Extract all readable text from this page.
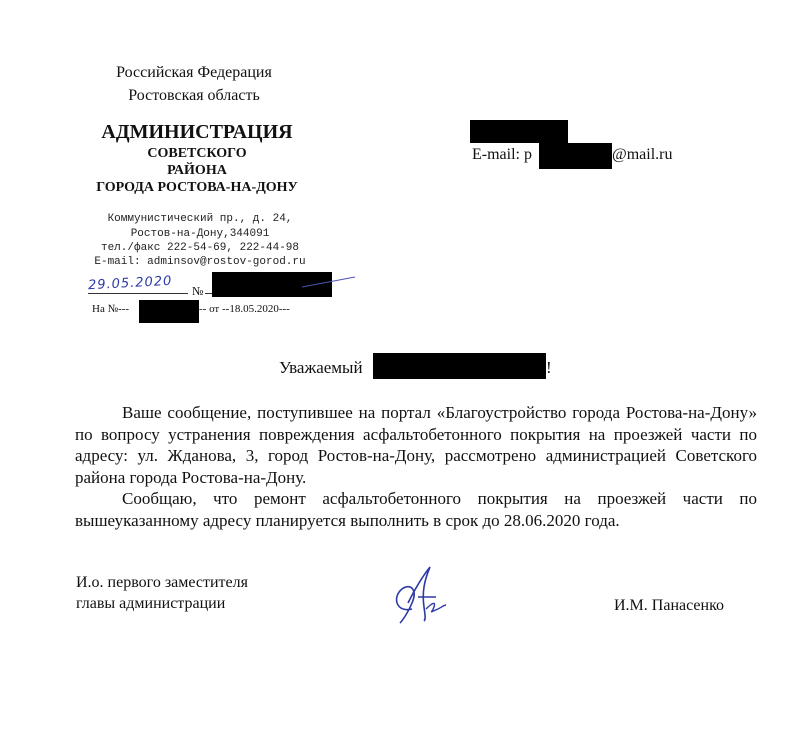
Российская Федерация
Ростовская область
АДМИНИСТРАЦИЯ
СОВЕТСКОГО
РАЙОНА
ГОРОДА РОСТОВА-НА-ДОНУ
Коммунистический пр., д. 24,
Ростов-на-Дону,344091
тел./факс 222-54-69, 222-44-98
E-mail: adminsov@rostov-gorod.ru
29.05.2020 №
На №---	-- от --18.05.2020---
E-mail: р	@mail.ru
Уважаемый	!

Ваше сообщение, поступившее на портал «Благоустройство города Ростова-на-Дону» по вопросу устранения повреждения асфальтобетонного покрытия на проезжей части по адресу: ул. Жданова, 3, город Ростов-на-Дону, рассмотрено администрацией Советского района города Ростова-на-Дону.

Сообщаю, что ремонт асфальтобетонного покрытия на проезжей части по вышеуказанному адресу планируется выполнить в срок до 28.06.2020 года.

И.о. первого заместителя
главы администрации	И.М. Панасенко
